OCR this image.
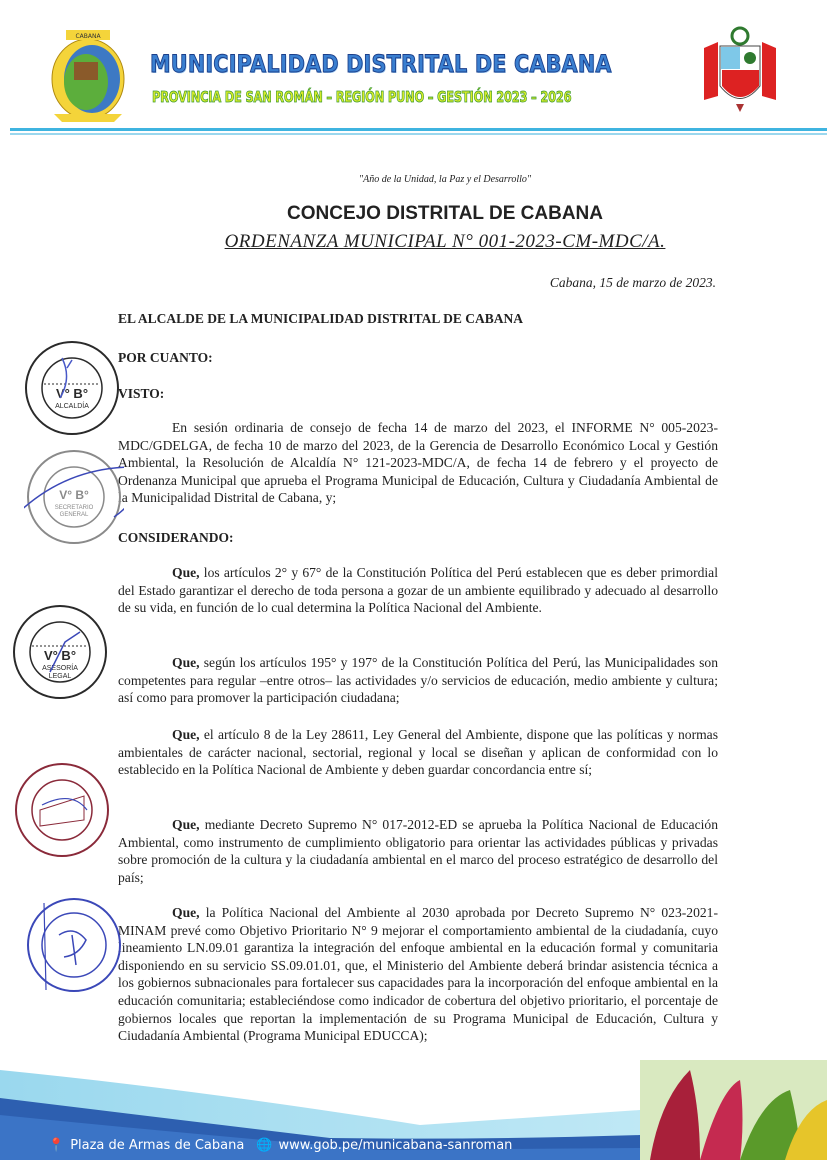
CABANA
MUNICIPALIDAD DISTRITAL DE CABANA
PROVINCIA DE SAN ROMÁN – REGIÓN PUNO – GESTIÓN 2023 – 2026
"Año de la Unidad, la Paz y el Desarrollo"
CONCEJO DISTRITAL DE CABANA
ORDENANZA MUNICIPAL N° 001-2023-CM-MDC/A.
Cabana, 15 de marzo de 2023.
EL ALCALDE DE LA MUNICIPALIDAD DISTRITAL DE CABANA
POR CUANTO:
VISTO:
En sesión ordinaria de consejo de fecha 14 de marzo del 2023, el INFORME N° 005-2023-MDC/GDELGA, de fecha 10 de marzo del 2023, de la Gerencia de Desarrollo Económico Local y Gestión Ambiental, la Resolución de Alcaldía N° 121-2023-MDC/A, de fecha 14 de febrero y el proyecto de Ordenanza Municipal que aprueba el Programa Municipal de Educación, Cultura y Ciudadanía Ambiental de la Municipalidad Distrital de Cabana, y;
CONSIDERANDO:
Que, los artículos 2° y 67° de la Constitución Política del Perú establecen que es deber primordial del Estado garantizar el derecho de toda persona a gozar de un ambiente equilibrado y adecuado al desarrollo de su vida, en función de lo cual determina la Política Nacional del Ambiente.
Que, según los artículos 195° y 197° de la Constitución Política del Perú, las Municipalidades son competentes para regular –entre otros– las actividades y/o servicios de educación, medio ambiente y cultura; así como para promover la participación ciudadana;
Que, el artículo 8 de la Ley 28611, Ley General del Ambiente, dispone que las políticas y normas ambientales de carácter nacional, sectorial, regional y local se diseñan y aplican de conformidad con lo establecido en la Política Nacional de Ambiente y deben guardar concordancia entre sí;
Que, mediante Decreto Supremo N° 017-2012-ED se aprueba la Política Nacional de Educación Ambiental, como instrumento de cumplimiento obligatorio para orientar las actividades públicas y privadas sobre promoción de la cultura y la ciudadanía ambiental en el marco del proceso estratégico de desarrollo del país;
Que, la Política Nacional del Ambiente al 2030 aprobada por Decreto Supremo N° 023-2021-MINAM prevé como Objetivo Prioritario N° 9 mejorar el comportamiento ambiental de la ciudadanía, cuyo lineamiento LN.09.01 garantiza la integración del enfoque ambiental en la educación formal y comunitaria disponiendo en su servicio SS.09.01.01, que, el Ministerio del Ambiente deberá brindar asistencia técnica a los gobiernos subnacionales para fortalecer sus capacidades para la incorporación del enfoque ambiental en la educación comunitaria; estableciéndose como indicador de cobertura del objetivo prioritario, el porcentaje de gobiernos locales que reportan la implementación de su Programa Municipal de Educación, Cultura y Ciudadanía Ambiental (Programa Municipal EDUCCA);
V° B°
ALCALDÍA
V° B°
SECRETARIO
GENERAL
V° B°
ASESORÍA
LEGAL
📍 Plaza de Armas de Cabana 🌐 www.gob.pe/municabana-sanroman
